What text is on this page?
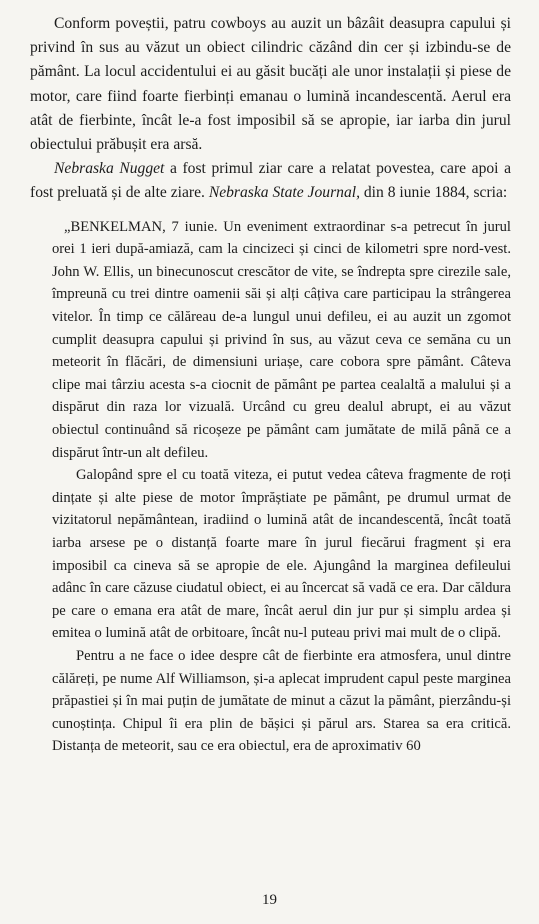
Conform poveștii, patru cowboys au auzit un bâzâit deasupra capului și privind în sus au văzut un obiect cilindric căzând din cer și izbindu-se de pământ. La locul accidentului ei au găsit bucăți ale unor instalații și piese de motor, care fiind foarte fierbinți emanau o lumină incandescentă. Aerul era atât de fierbinte, încât le-a fost imposibil să se apropie, iar iarba din jurul obiectului prăbușit era arsă.

Nebraska Nugget a fost primul ziar care a relatat povestea, care apoi a fost preluată și de alte ziare. Nebraska State Journal, din 8 iunie 1884, scria:

„BENKELMAN, 7 iunie. Un eveniment extraordinar s-a petrecut în jurul orei 1 ieri după-amiază, cam la cincizeci și cinci de kilometri spre nord-vest. John W. Ellis, un binecunoscut crescător de vite, se îndrepta spre cirezile sale, împreună cu trei dintre oamenii săi și alți câțiva care participau la strângerea vitelor. În timp ce călăreau de-a lungul unui defileu, ei au auzit un zgomot cumplit deasupra capului și privind în sus, au văzut ceva ce semăna cu un meteorit în flăcări, de dimensiuni uriașe, care cobora spre pământ. Câteva clipe mai târziu acesta s-a ciocnit de pământ pe partea cealaltă a malului și a dispărut din raza lor vizuală. Urcând cu greu dealul abrupt, ei au văzut obiectul continuând să ricoșeze pe pământ cam jumătate de milă până ce a dispărut într-un alt defileu.

Galopând spre el cu toată viteza, ei putut vedea câteva fragmente de roți dințate și alte piese de motor împrăștiate pe pământ, pe drumul urmat de vizitatorul nepământean, iradiind o lumină atât de incandescentă, încât toată iarba arsese pe o distanță foarte mare în jurul fiecărui fragment și era imposibil ca cineva să se apropie de ele. Ajungând la marginea defileului adânc în care căzuse ciudatul obiect, ei au încercat să vadă ce era. Dar căldura pe care o emana era atât de mare, încât aerul din jur pur și simplu ardea și emitea o lumină atât de orbitoare, încât nu-l puteau privi mai mult de o clipă.

Pentru a ne face o idee despre cât de fierbinte era atmosfera, unul dintre călăreți, pe nume Alf Williamson, și-a aplecat imprudent capul peste marginea prăpastiei și în mai puțin de jumătate de minut a căzut la pământ, pierzându-și cunoștința. Chipul îi era plin de bășici și părul ars. Starea sa era critică. Distanța de meteorit, sau ce era obiectul, era de aproximativ 60

19
